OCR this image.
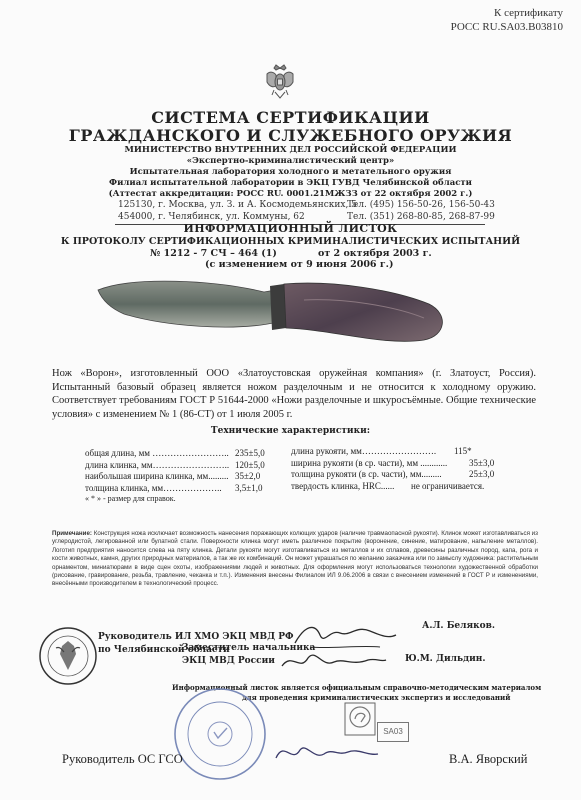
К сертификату
РОСС RU.SA03.B03810
СИСТЕМА СЕРТИФИКАЦИИ
ГРАЖДАНСКОГО И СЛУЖЕБНОГО ОРУЖИЯ
МИНИСТЕРСТВО ВНУТРЕННИХ ДЕЛ РОССИЙСКОЙ ФЕДЕРАЦИИ
«Экспертно-криминалистический центр»
Испытательная лаборатория холодного и метательного оружия
Филиал испытательной лаборатории в ЭКЦ ГУВД Челябинской области
(Аттестат аккредитации: РОСС RU. 0001.21МЖЗЗ от 22 октября 2002 г.)
125130, г. Москва, ул. З. и А. Космодемьянских, 5
Тел. (495) 156-50-26, 156-50-43
454000, г. Челябинск, ул. Коммуны, 62	Тел. (351) 268-80-85, 268-87-99
ИНФОРМАЦИОННЫЙ ЛИСТОК
К ПРОТОКОЛУ СЕРТИФИКАЦИОННЫХ КРИМИНАЛИСТИЧЕСКИХ ИСПЫТАНИЙ
№ 1212 - 7 СЧ – 464 (1)	от 2 октября 2003 г.
(с изменением от 9 июня 2006 г.)
Нож «Ворон», изготовленный ООО «Златоустовская оружейная компания» (г. Златоуст, Россия). Испытанный базовый образец является ножом разделочным и не относится к холодному оружию. Соответствует требованиям ГОСТ Р 51644-2000 «Ножи разделочные и шкуросъёмные. Общие технические условия» с изменением № 1 (86-СТ) от 1 июля 2005 г.
Технические характеристики:
общая длина, мм …………………….. 235±5,0
длина клинка, мм…………………….. 120±5,0
наибольшая ширина клинка, мм......... 35±2,0
толщина клинка, мм………………..	3,5±1,0
« * » - размер для справок.
длина рукояти, мм…………………….	115*
ширина рукояти (в ср. части), мм ............	35±3,0
толщина рукояти (в ср. части), мм.........	25±3,0
твердость клинка, HRC......	не ограничивается.
Примечание: Конструкция ножа исключает возможность нанесения поражающих колющих ударов (наличие травмаопасной рукояти). Клинок может изготавливаться из углеродистой, легированной или булатной стали. Поверхности клинка могут иметь различное покрытие (воронение, синение, матирование, напыление металлов). Логотип предприятия наносится слева на пяту клинка. Детали рукояти могут изготавливаться из металлов и их сплавов, древесины различных пород, капа, рога и кости животных, камня, других природных материалов, а так же их комбинаций. Он может украшаться по желанию заказчика или по замыслу художника: растительным орнаментом, миниатюрами в виде сцен охоты, изображениями людей и животных. Для оформления могут использоваться технологии художественной обработки (рисование, гравирование, резьба, травление, чеканка и т.п.). Изменения внесены Филиалом ИЛ 9.06.2006 в связи с внесением изменений в ГОСТ Р и изменениями, внесёнными производителем в технологический процесс.
Руководитель ИЛ ХМО ЭКЦ МВД РФ
по Челябинской области
А.Л. Беляков.
Заместитель начальника
ЭКЦ МВД России	Ю.М. Дильдин.
Информационный листок является официальным справочно-методическим материалом
для проведения криминалистических экспертиз и исследований
SA03
Руководитель ОС ГСО	В.А. Яворский
